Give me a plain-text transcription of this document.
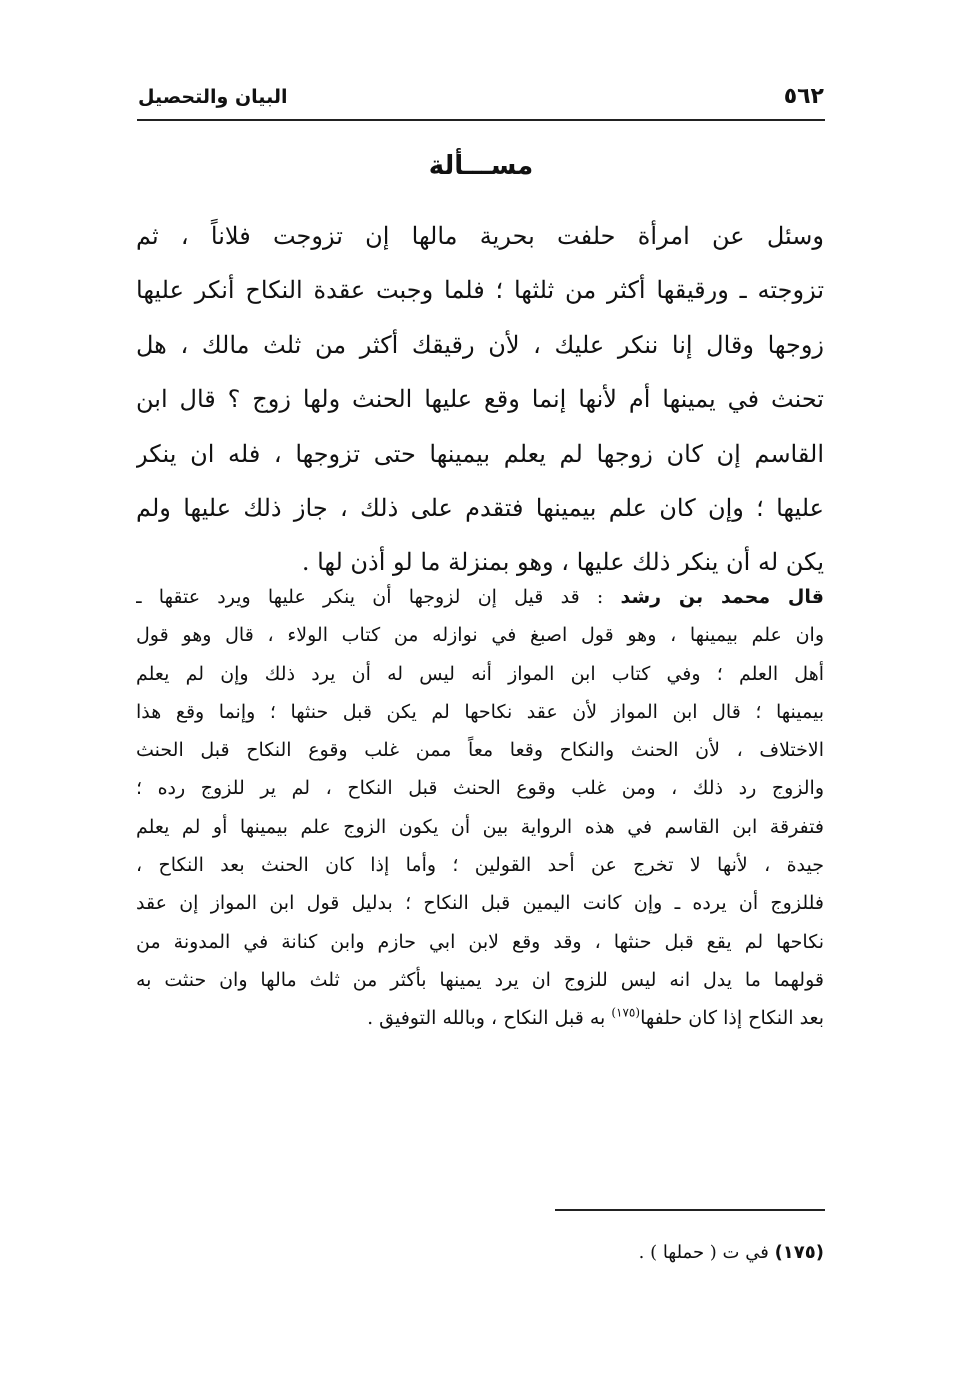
٥٦٢
البيان والتحصيل
مســـألة
وسئل عن امرأة حلفت بحرية مالها إن تزوجت فلاناً ، ثم
تزوجته ـ ورقيقها أكثر من ثلثها ؛ فلما وجبت عقدة النكاح أنكر عليها
زوجها وقال إنا ننكر عليك ، لأن رقيقك أكثر من ثلث مالك ، هل
تحنث في يمينها أم لأنها إنما وقع عليها الحنث ولها زوج ؟ قال ابن
القاسم إن كان زوجها لم يعلم بيمينها حتى تزوجها ، فله ان ينكر
عليها ؛ وإن كان علم بيمينها فتقدم على ذلك ، جاز ذلك عليها ولم
يكن له أن ينكر ذلك عليها ، وهو بمنزلة ما لو أذن لها .
قال محمد بن رشد : قد قيل إن لزوجها أن ينكر عليها ويرد عتقها ـ
وان علم بيمينها ، وهو قول اصبغ في نوازله من كتاب الولاء ، قال وهو قول
أهل العلم ؛ وفي كتاب ابن المواز أنه ليس له أن يرد ذلك وإن لم يعلم
بيمينها ؛ قال ابن المواز لأن عقد نكاحها لم يكن قبل حنثها ؛ وإنما وقع هذا
الاختلاف ، لأن الحنث والنكاح وقعا معاً ممن غلب وقوع النكاح قبل الحنث
والزوج رد ذلك ، ومن غلب وقوع الحنث قبل النكاح ، لم ير للزوج رده ؛
فتفرقة ابن القاسم في هذه الرواية بين أن يكون الزوج علم بيمينها أو لم يعلم
جيدة ، لأنها لا تخرج عن أحد القولين ؛ وأما إذا كان الحنث بعد النكاح ،
فللزوج أن يرده ـ وإن كانت اليمين قبل النكاح ؛ بدليل قول ابن المواز إن عقد
نكاحها لم يقع قبل حنثها ، وقد وقع لابن ابي حازم وابن كنانة في المدونة من
قولهما ما يدل انه ليس للزوج ان يرد يمينها بأكثر من ثلث مالها وان حنثت به
بعد النكاح إذا كان حلفها$^{(١٧٥)}$ به قبل النكاح ، وبالله التوفيق .
(١٧٥) في ت ( حملها ) .
